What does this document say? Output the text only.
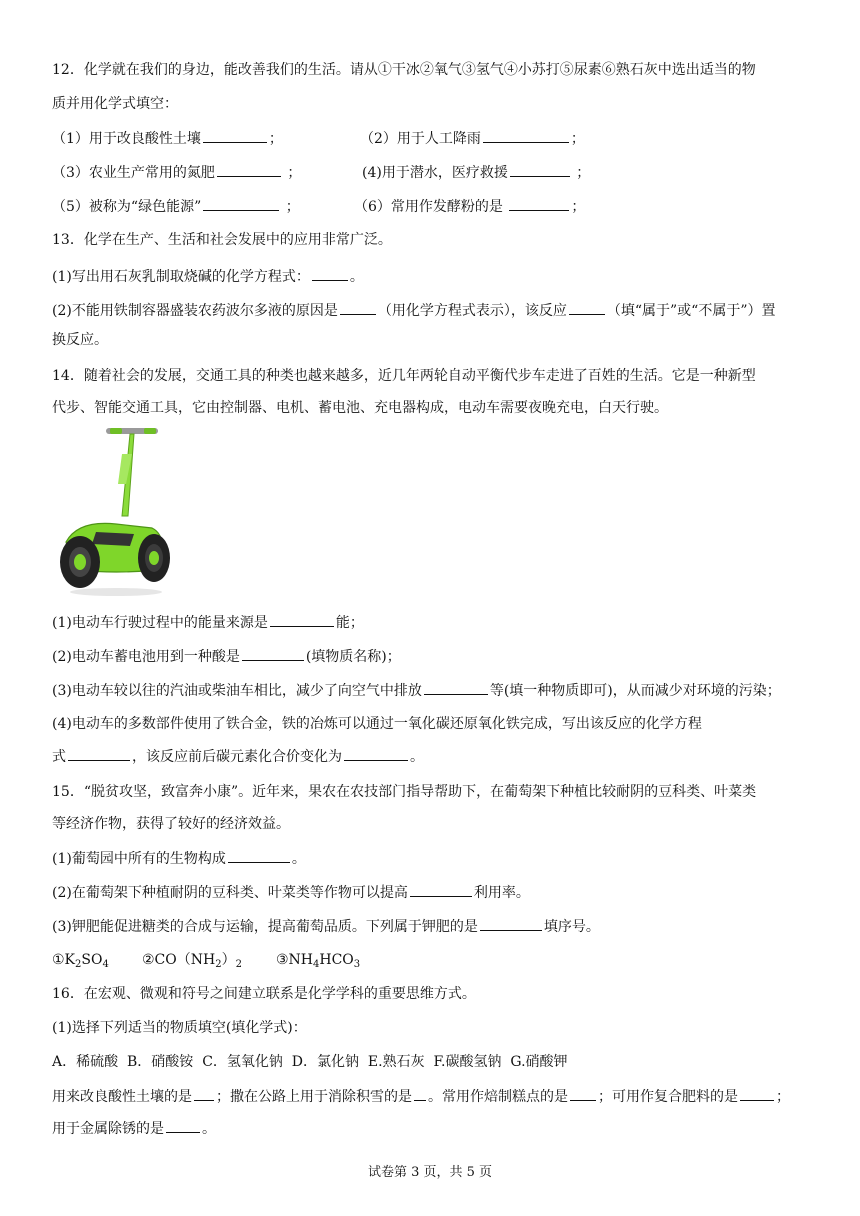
12．化学就在我们的身边，能改善我们的生活。请从①干冰②氧气③氢气④小苏打⑤尿素⑥熟石灰中选出适当的物
质并用化学式填空：
（1）用于改良酸性土壤	；	（2）用于人工降雨	；
（3）农业生产常用的氮肥	；	(4)用于潜水，医疗救援	；
（5）被称为“绿色能源”	；	（6）常用作发酵粉的是	；
13．化学在生产、生活和社会发展中的应用非常广泛。
(1)写出用石灰乳制取烧碱的化学方程式：	。
(2)不能用铁制容器盛装农药波尔多液的原因是	（用化学方程式表示），该反应	（填“属于”或“不属于”）置
换反应。
14．随着社会的发展，交通工具的种类也越来越多，近几年两轮自动平衡代步车走进了百姓的生活。它是一种新型
代步、智能交通工具，它由控制器、电机、蓄电池、充电器构成，电动车需要夜晚充电，白天行驶。
(1)电动车行驶过程中的能量来源是	能；
(2)电动车蓄电池用到一种酸是	(填物质名称)；
(3)电动车较以往的汽油或柴油车相比，减少了向空气中排放	等(填一种物质即可)，从而减少对环境的污染；
(4)电动车的多数部件使用了铁合金，铁的冶炼可以通过一氧化碳还原氧化铁完成，写出该反应的化学方程
式	，该反应前后碳元素化合价变化为	。
15．“脱贫攻坚，致富奔小康”。近年来，果农在农技部门指导帮助下，在葡萄架下种植比较耐阴的豆科类、叶菜类
等经济作物，获得了较好的经济效益。
(1)葡萄园中所有的生物构成	。
(2)在葡萄架下种植耐阴的豆科类、叶菜类等作物可以提高	利用率。
(3)钾肥能促进糖类的合成与运输，提高葡萄品质。下列属于钾肥的是	填序号。
$①K_2SO_4$ $②CO(NH_2)_2$ $③NH_4HCO_3$
16．在宏观、微观和符号之间建立联系是化学学科的重要思维方式。
(1)选择下列适当的物质填空(填化学式)：
A．稀硫酸  B．硝酸铵  C．氢氧化钠  D．氯化钠  E.熟石灰  F.碳酸氢钠  G.硝酸钾
用来改良酸性土壤的是 ；撒在公路上用于消除积雪的是 。常用作焙制糕点的是 ；可用作复合肥料的是	；
用于金属除锈的是	。
试卷第 3 页，共 5 页
